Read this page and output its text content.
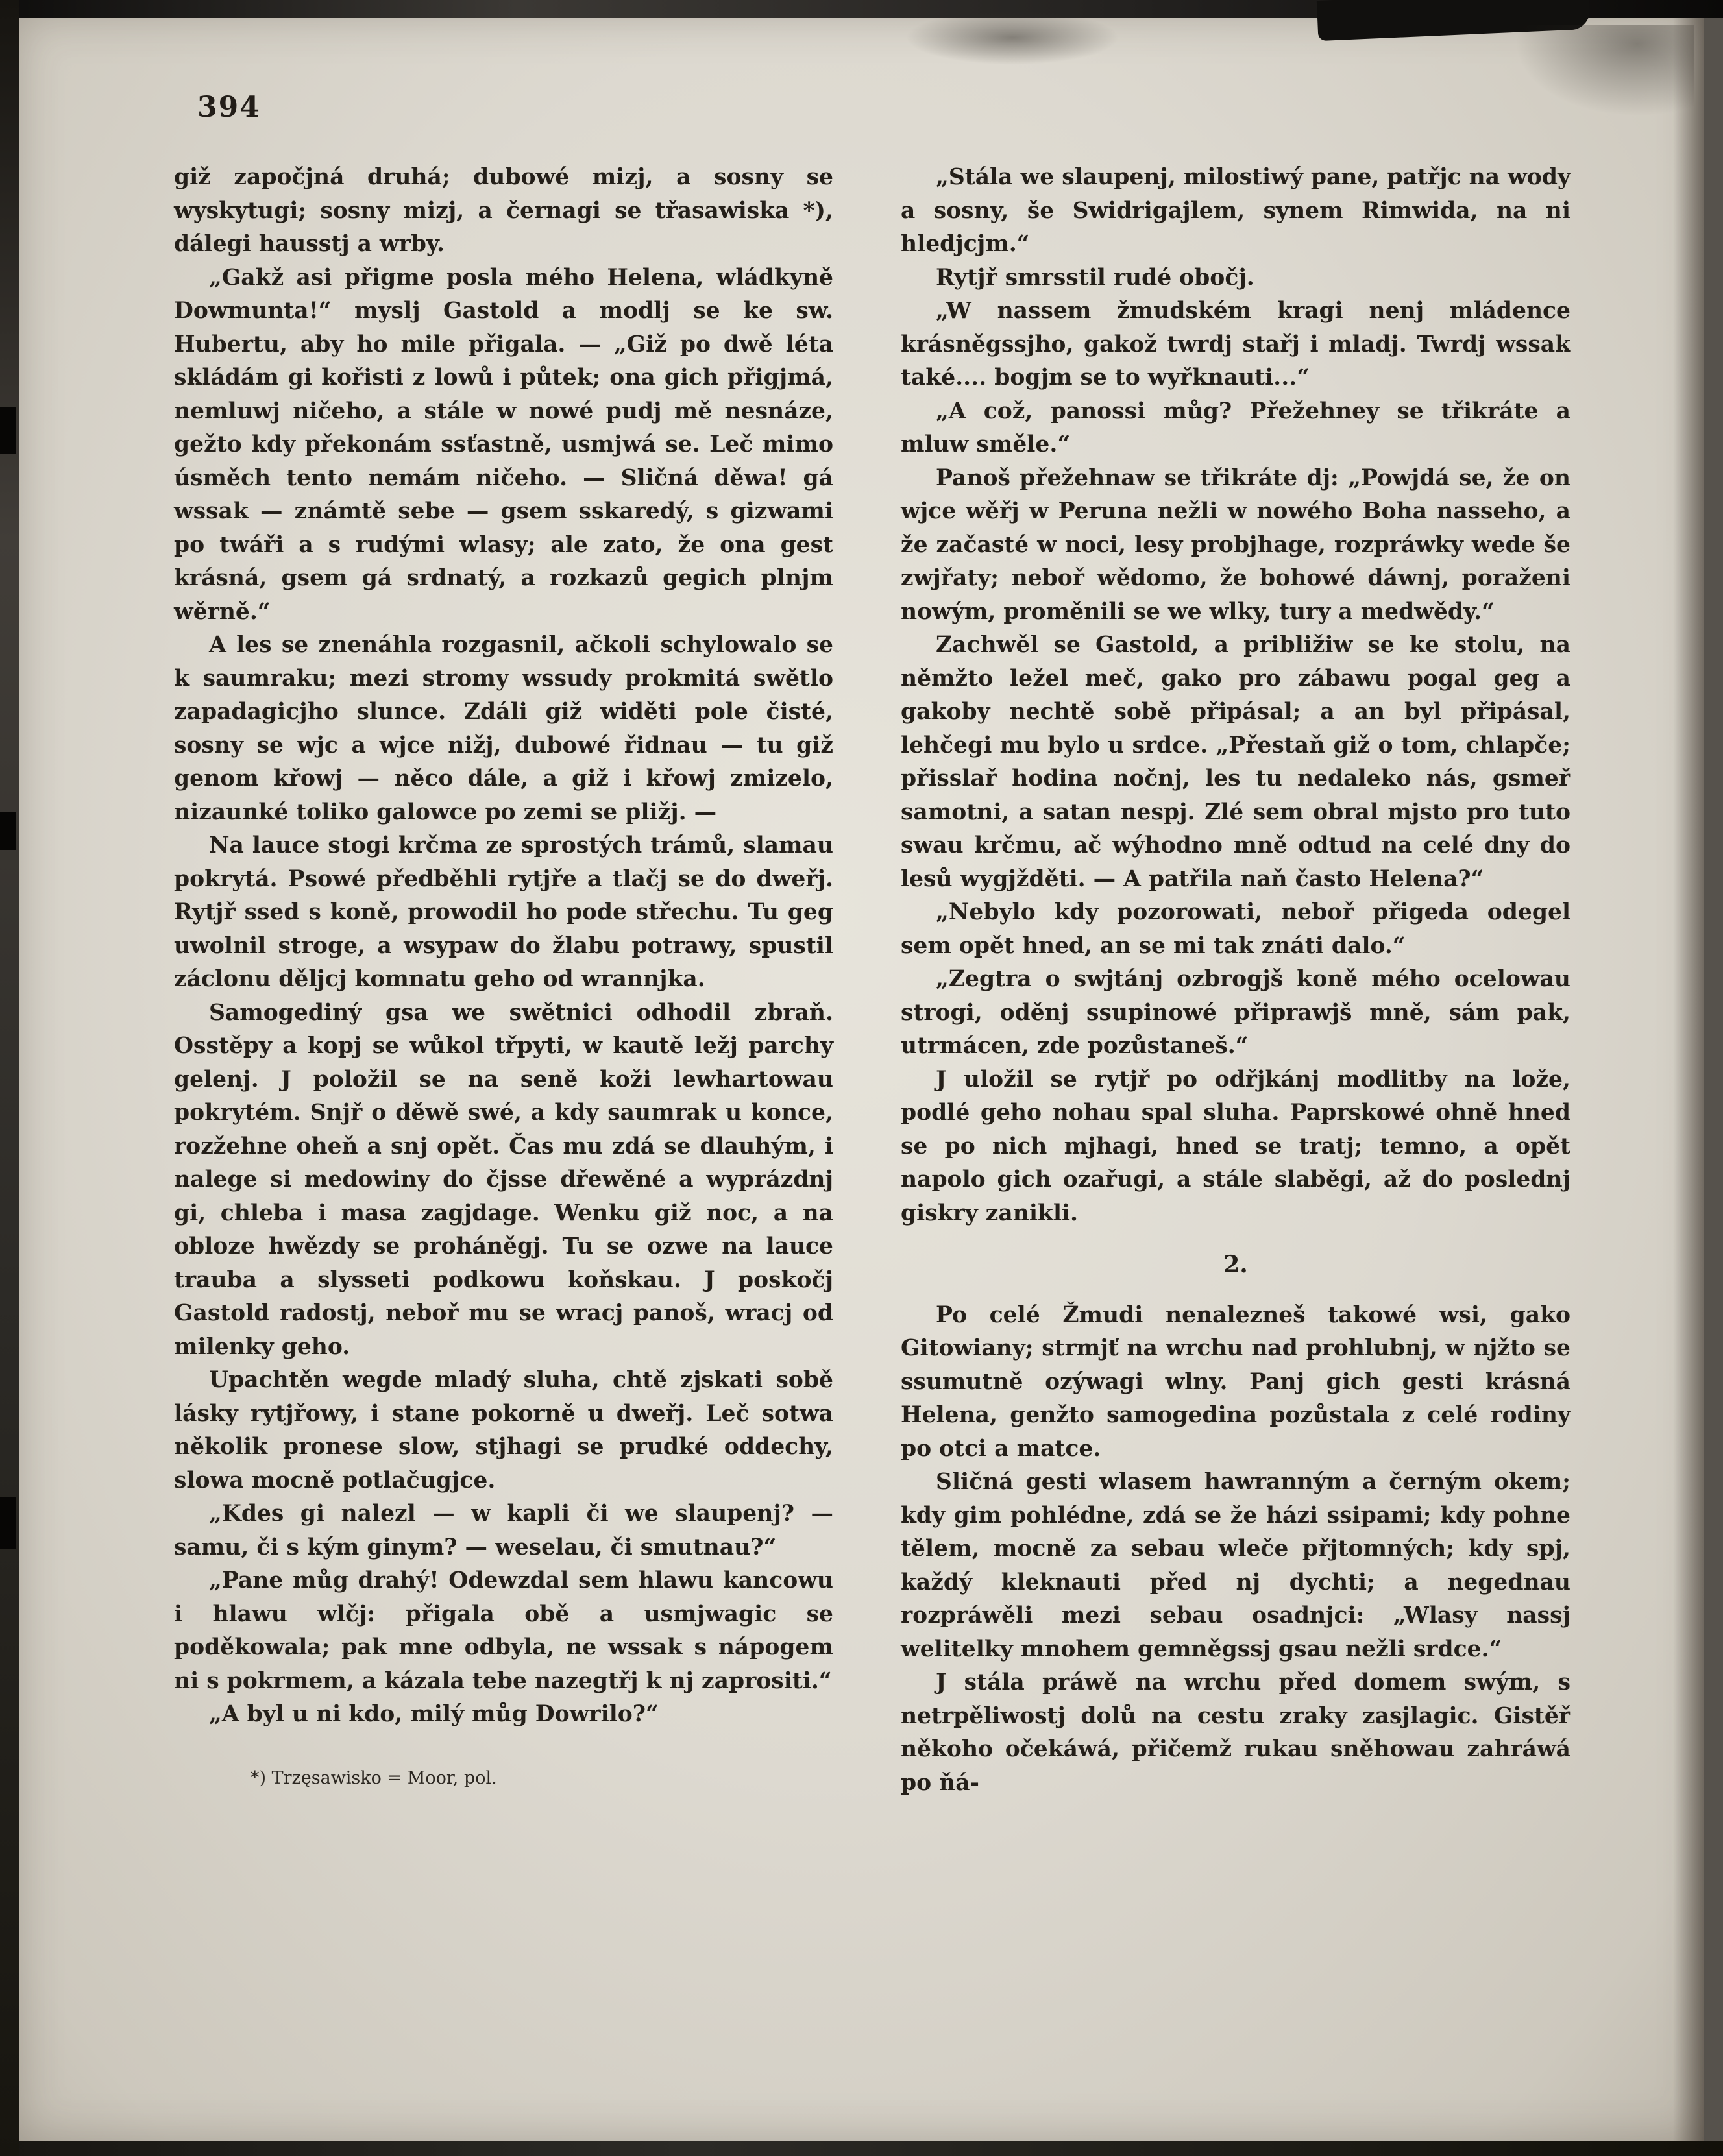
394

giž započjná druhá; dubowé mizj, a sosny se wyskytugi; sosny mizj, a černagi se třasawiska *), dálegi hausstj a wrby.

„Gakž asi přigme posla mého Helena, wládkyně Dowmunta!“ myslj Gastold a modlj se ke sw. Hubertu, aby ho mile přigala. — „Giž po dwě léta skládám gi kořisti z lowů i půtek; ona gich přigjmá, nemluwj ničeho, a stále w nowé pudj mě nesnáze, gežto kdy překonám ssťastně, usmjwá se. Leč mimo úsměch tento nemám ničeho. — Sličná děwa! gá wssak — známtě sebe — gsem sskaredý, s gizwami po twáři a s rudými wlasy; ale zato, že ona gest krásná, gsem gá srdnatý, a rozkazů gegich plnjm wěrně.“

A les se znenáhla rozgasnil, ačkoli schylowalo se k saumraku; mezi stromy wssudy prokmitá swětlo zapadagicjho slunce. Zdáli giž widěti pole čisté, sosny se wjc a wjce nižj, dubowé řidnau — tu giž genom křowj — něco dále, a giž i křowj zmizelo, nizaunké toliko galowce po zemi se pližj. —

Na lauce stogi krčma ze sprostých trámů, slamau pokrytá. Psowé předběhli rytjře a tlačj se do dweřj. Rytjř ssed s koně, prowodil ho pode střechu. Tu geg uwolnil stroge, a wsypaw do žlabu potrawy, spustil záclonu děljcj komnatu geho od wrannjka.

Samogediný gsa we swětnici odhodil zbraň. Osstěpy a kopj se wůkol třpyti, w kautě ležj parchy gelenj. J položil se na seně koži lewhartowau pokrytém. Snjř o děwě swé, a kdy saumrak u konce, rozžehne oheň a snj opět. Čas mu zdá se dlauhým, i nalege si medowiny do čjsse dřewěné a wyprázdnj gi, chleba i masa zagjdage. Wenku giž noc, a na obloze hwězdy se proháněgj. Tu se ozwe na lauce trauba a slysseti podkowu koňskau. J poskočj Gastold radostj, neboř mu se wracj panoš, wracj od milenky geho.

Upachtěn wegde mladý sluha, chtě zjskati sobě lásky rytjřowy, i stane pokorně u dweřj. Leč sotwa několik pronese slow, stjhagi se prudké oddechy, slowa mocně potlačugjce.

„Kdes gi nalezl — w kapli či we slaupenj? — samu, či s kým ginym? — weselau, či smutnau?“

„Pane můg drahý! Odewzdal sem hlawu kancowu i hlawu wlčj: přigala obě a usmjwagic se poděkowala; pak mne odbyla, ne wssak s nápogem ni s pokrmem, a kázala tebe nazegtřj k nj zaprositi.“

„A byl u ni kdo, milý můg Dowrilo?“

*) Trzęsawisko = Moor, pol.

„Stála we slaupenj, milostiwý pane, patřjc na wody a sosny, še Swidrigajlem, synem Rimwida, na ni hledjcjm.“

Rytjř smrsstil rudé obočj.

„W nassem žmudském kragi nenj mládence krásněgssjho, gakož twrdj stařj i mladj. Twrdj wssak také.... bogjm se to wyřknauti...“

„A což, panossi můg? Přežehney se třikráte a mluw směle.“

Panoš přežehnaw se třikráte dj: „Powjdá se, že on wjce wěřj w Peruna nežli w nowého Boha nasseho, a že začasté w noci, lesy probjhage, rozpráwky wede še zwjřaty; neboř wědomo, že bohowé dáwnj, poraženi nowým, proměnili se we wlky, tury a medwědy.“

Zachwěl se Gastold, a približiw se ke stolu, na němžto ležel meč, gako pro zábawu pogal geg a gakoby nechtě sobě připásal; a an byl připásal, lehčegi mu bylo u srdce. „Přestaň giž o tom, chlapče; přisslař hodina nočnj, les tu nedaleko nás, gsmeř samotni, a satan nespj. Zlé sem obral mjsto pro tuto swau krčmu, ač wýhodno mně odtud na celé dny do lesů wygjžděti. — A patřila naň často Helena?“

„Nebylo kdy pozorowati, neboř přigeda odegel sem opět hned, an se mi tak znáti dalo.“

„Zegtra o swjtánj ozbrogjš koně mého ocelowau strogi, oděnj ssupinowé připrawjš mně, sám pak, utrmácen, zde pozůstaneš.“

J uložil se rytjř po odřjkánj modlitby na lože, podlé geho nohau spal sluha. Paprskowé ohně hned se po nich mjhagi, hned se tratj; temno, a opět napolo gich ozařugi, a stále slaběgi, až do poslednj giskry zanikli.

2.

Po celé Žmudi nenalezneš takowé wsi, gako Gitowiany; strmjť na wrchu nad prohlubnj, w njžto se ssumutně ozýwagi wlny. Panj gich gesti krásná Helena, genžto samogedina pozůstala z celé rodiny po otci a matce.

Sličná gesti wlasem hawranným a černým okem; kdy gim pohlédne, zdá se že házi ssipami; kdy pohne tělem, mocně za sebau wleče přjtomných; kdy spj, každý kleknauti před nj dychti; a negednau rozpráwěli mezi sebau osadnjci: „Wlasy nassj welitelky mnohem gemněgssj gsau nežli srdce.“

J stála práwě na wrchu před domem swým, s netrpěliwostj dolů na cestu zraky zasjlagic. Gistěř někoho očekáwá, přičemž rukau sněhowau zahráwá po ňá-
